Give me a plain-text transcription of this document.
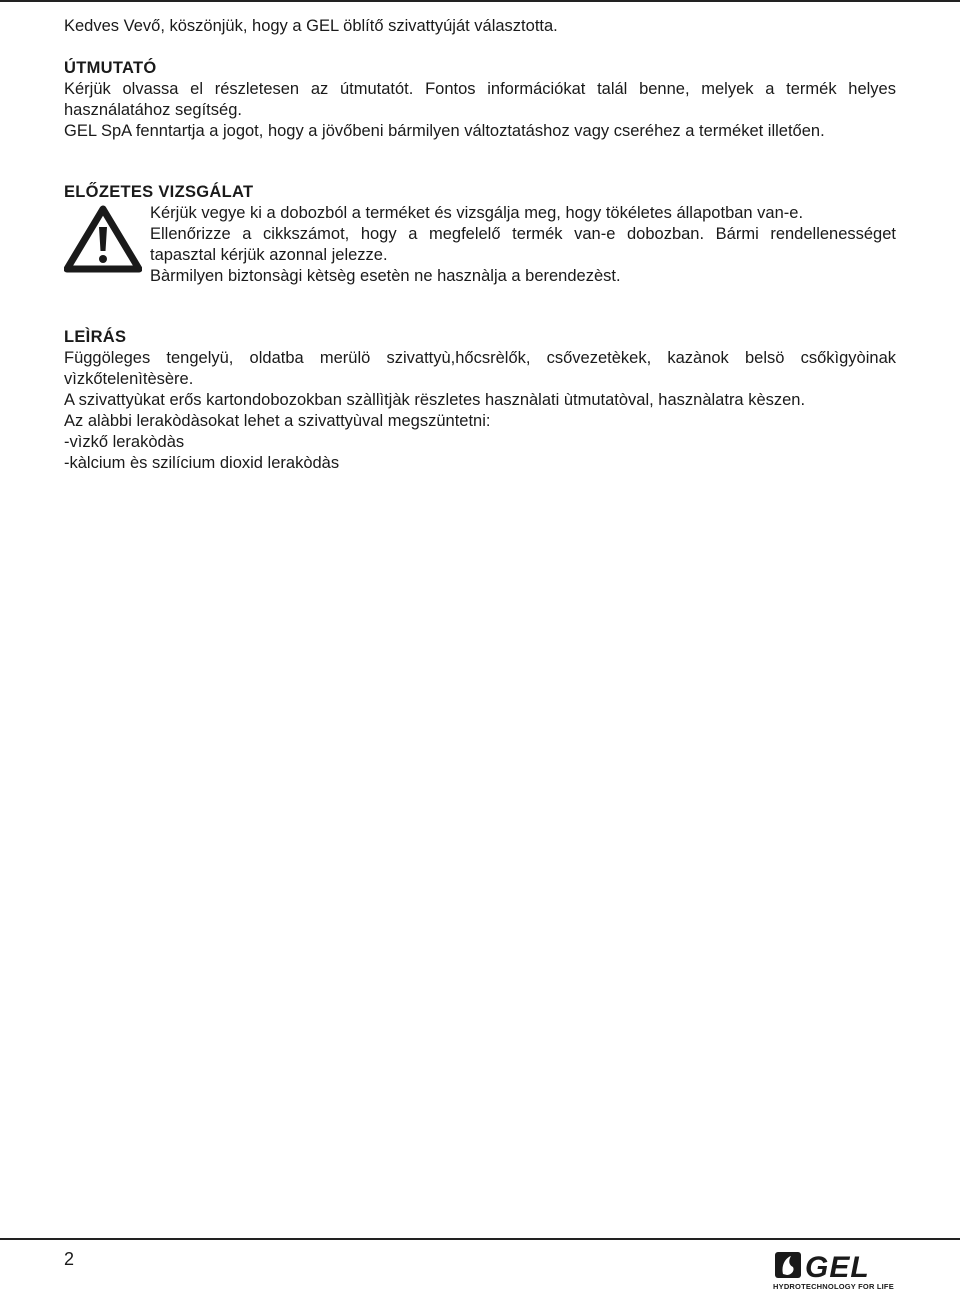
Kedves Vevő, köszönjük, hogy a GEL öblítő szivattyúját választotta.

ÚTMUTATÓ

Kérjük olvassa el részletesen az útmutatót. Fontos információkat talál benne, melyek a termék helyes használatához segítség.

GEL SpA fenntartja a jogot, hogy a jövőbeni bármilyen változtatáshoz vagy cseréhez a terméket illetően.

ELŐZETES VIZSGÁLAT

Kérjük vegye ki a dobozból a terméket és vizsgálja meg, hogy tökéletes állapotban van-e.

Ellenőrizze a cikkszámot, hogy a megfelelő termék van-e dobozban. Bármi rendellenességet tapasztal kérjük azonnal jelezze.

Bàrmilyen biztonsàgi kètsèg esetèn ne hasznàlja a berendezèst.

LEÌRÁS

Függöleges tengelyü, oldatba merülö szivattyù,hőcsrèlők, csővezetèkek, kazànok belsö csőkìgyòinak vìzkőtelenìtèsère.

A szivattyùkat erős kartondobozokban szàllìtjàk rëszletes hasznàlati ùtmutatòval, hasznàlatra kèszen.

Az alàbbi lerakòdàsokat lehet a szivattyùval megszüntetni:

-vìzkő lerakòdàs

-kàlcium ès szilícium dioxid lerakòdàs

2	GEL
HYDROTECHNOLOGY FOR LIFE
